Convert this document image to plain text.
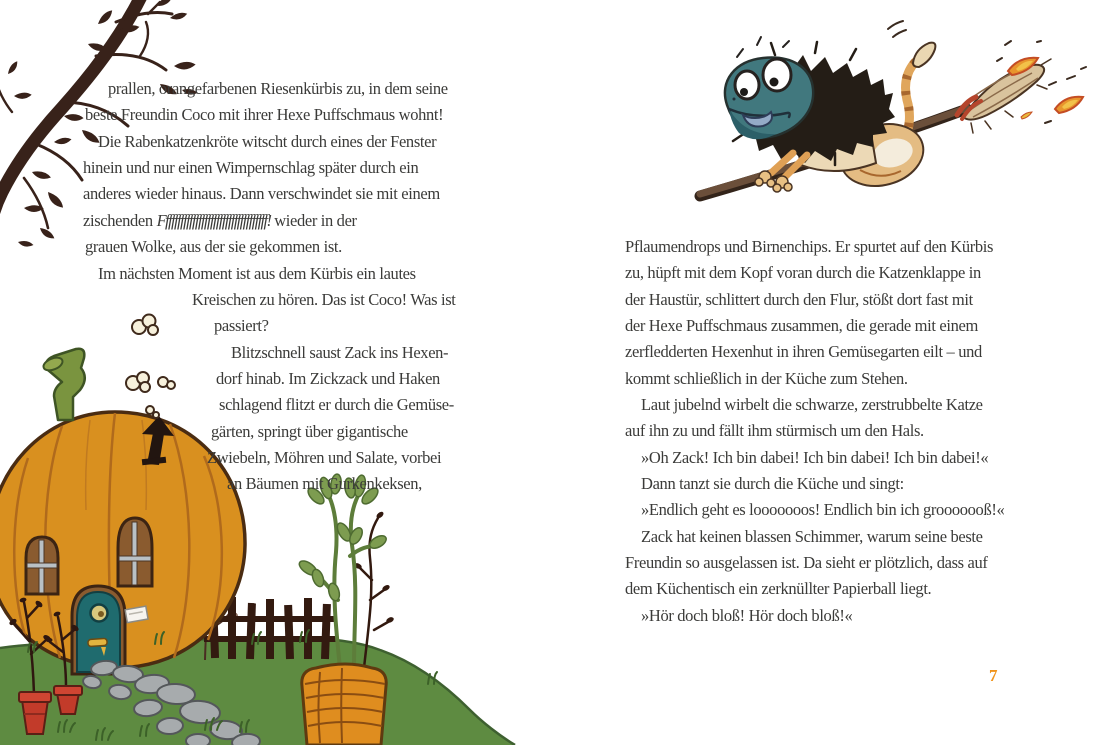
prallen, orangefarbenen Riesenkürbis zu, in dem seine
beste Freundin Coco mit ihrer Hexe Puffschmaus wohnt!
Die Rabenkatzenkröte witscht durch eines der Fenster
hinein und nur einen Wimpernschlag später durch ein
anderes wieder hinaus. Dann verschwindet sie mit einem
zischenden Fffffffffffffffffffffffffffffffffff! wieder in der
grauen Wolke, aus der sie gekommen ist.
Im nächsten Moment ist aus dem Kürbis ein lautes
Kreischen zu hören. Das ist Coco! Was ist
passiert?
Blitzschnell saust Zack ins Hexen-
dorf hinab. Im Zickzack und Haken
schlagend flitzt er durch die Gemüse-
gärten, springt über gigantische
Zwiebeln, Möhren und Salate, vorbei
an Bäumen mit Gurkenkeksen,
Pflaumendrops und Birnenchips. Er spurtet auf den Kürbis
zu, hüpft mit dem Kopf voran durch die Katzenklappe in
der Haustür, schlittert durch den Flur, stößt dort fast mit
der Hexe Puffschmaus zusammen, die gerade mit einem
zerfledderten Hexenhut in ihren Gemüsegarten eilt – und
kommt schließlich in der Küche zum Stehen.
Laut jubelnd wirbelt die schwarze, zerstrubbelte Katze
auf ihn zu und fällt ihm stürmisch um den Hals.
»Oh Zack! Ich bin dabei! Ich bin dabei! Ich bin dabei!«
Dann tanzt sie durch die Küche und singt:
»Endlich geht es looooooos! Endlich bin ich grooooooß!«
Zack hat keinen blassen Schimmer, warum seine beste
Freundin so ausgelassen ist. Da sieht er plötzlich, dass auf
dem Küchentisch ein zerknüllter Papierball liegt.
»Hör doch bloß! Hör doch bloß!«
7
